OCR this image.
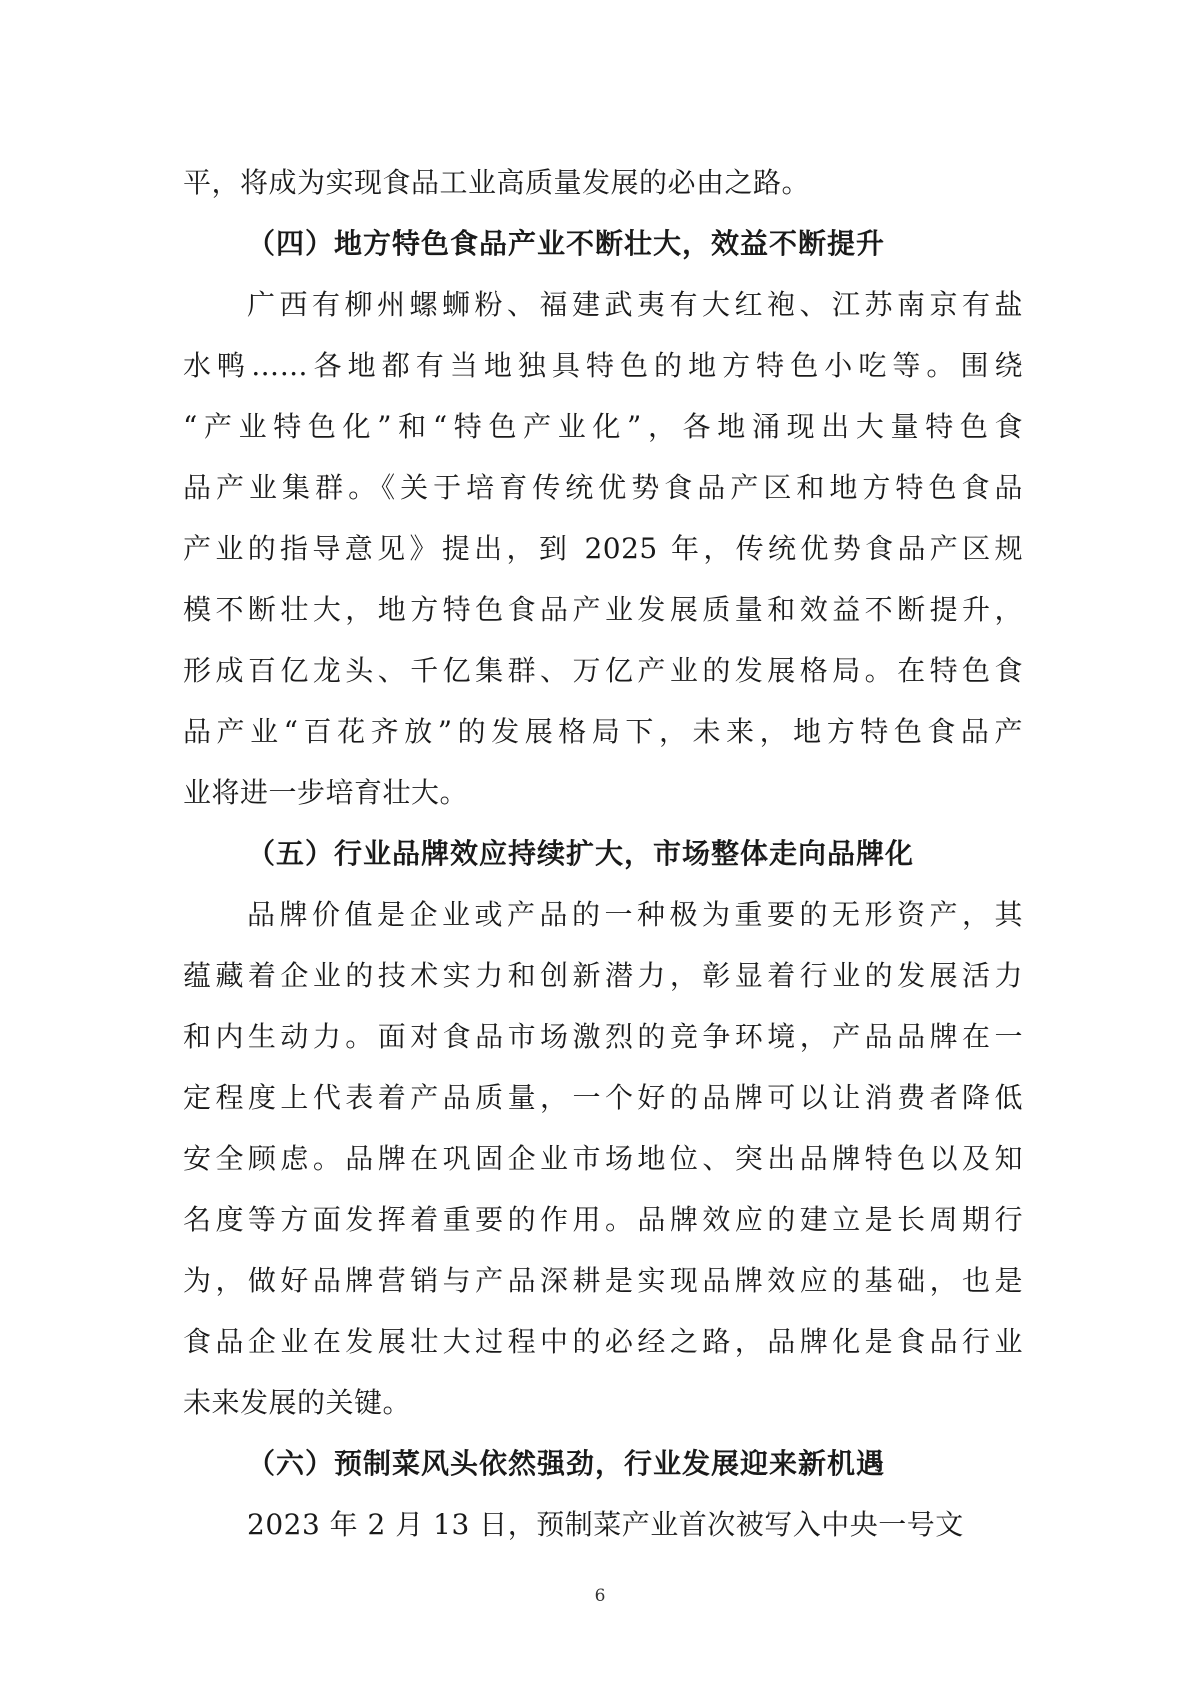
平，将成为实现食品工业高质量发展的必由之路。
（四）地方特色食品产业不断壮大，效益不断提升
广西有柳州螺蛳粉、福建武夷有大红袍、江苏南京有盐
水鸭……各地都有当地独具特色的地方特色小吃等。围绕
“产业特色化”和“特色产业化”，各地涌现出大量特色食
品产业集群。《关于培育传统优势食品产区和地方特色食品
产业的指导意见》提出，到 2025 年，传统优势食品产区规
模不断壮大，地方特色食品产业发展质量和效益不断提升，
形成百亿龙头、千亿集群、万亿产业的发展格局。在特色食
品产业“百花齐放”的发展格局下，未来，地方特色食品产
业将进一步培育壮大。
（五）行业品牌效应持续扩大，市场整体走向品牌化
品牌价值是企业或产品的一种极为重要的无形资产，其
蕴藏着企业的技术实力和创新潜力，彰显着行业的发展活力
和内生动力。面对食品市场激烈的竞争环境，产品品牌在一
定程度上代表着产品质量，一个好的品牌可以让消费者降低
安全顾虑。品牌在巩固企业市场地位、突出品牌特色以及知
名度等方面发挥着重要的作用。品牌效应的建立是长周期行
为，做好品牌营销与产品深耕是实现品牌效应的基础，也是
食品企业在发展壮大过程中的必经之路，品牌化是食品行业
未来发展的关键。
（六）预制菜风头依然强劲，行业发展迎来新机遇
2023 年 2 月 13 日，预制菜产业首次被写入中央一号文
6
